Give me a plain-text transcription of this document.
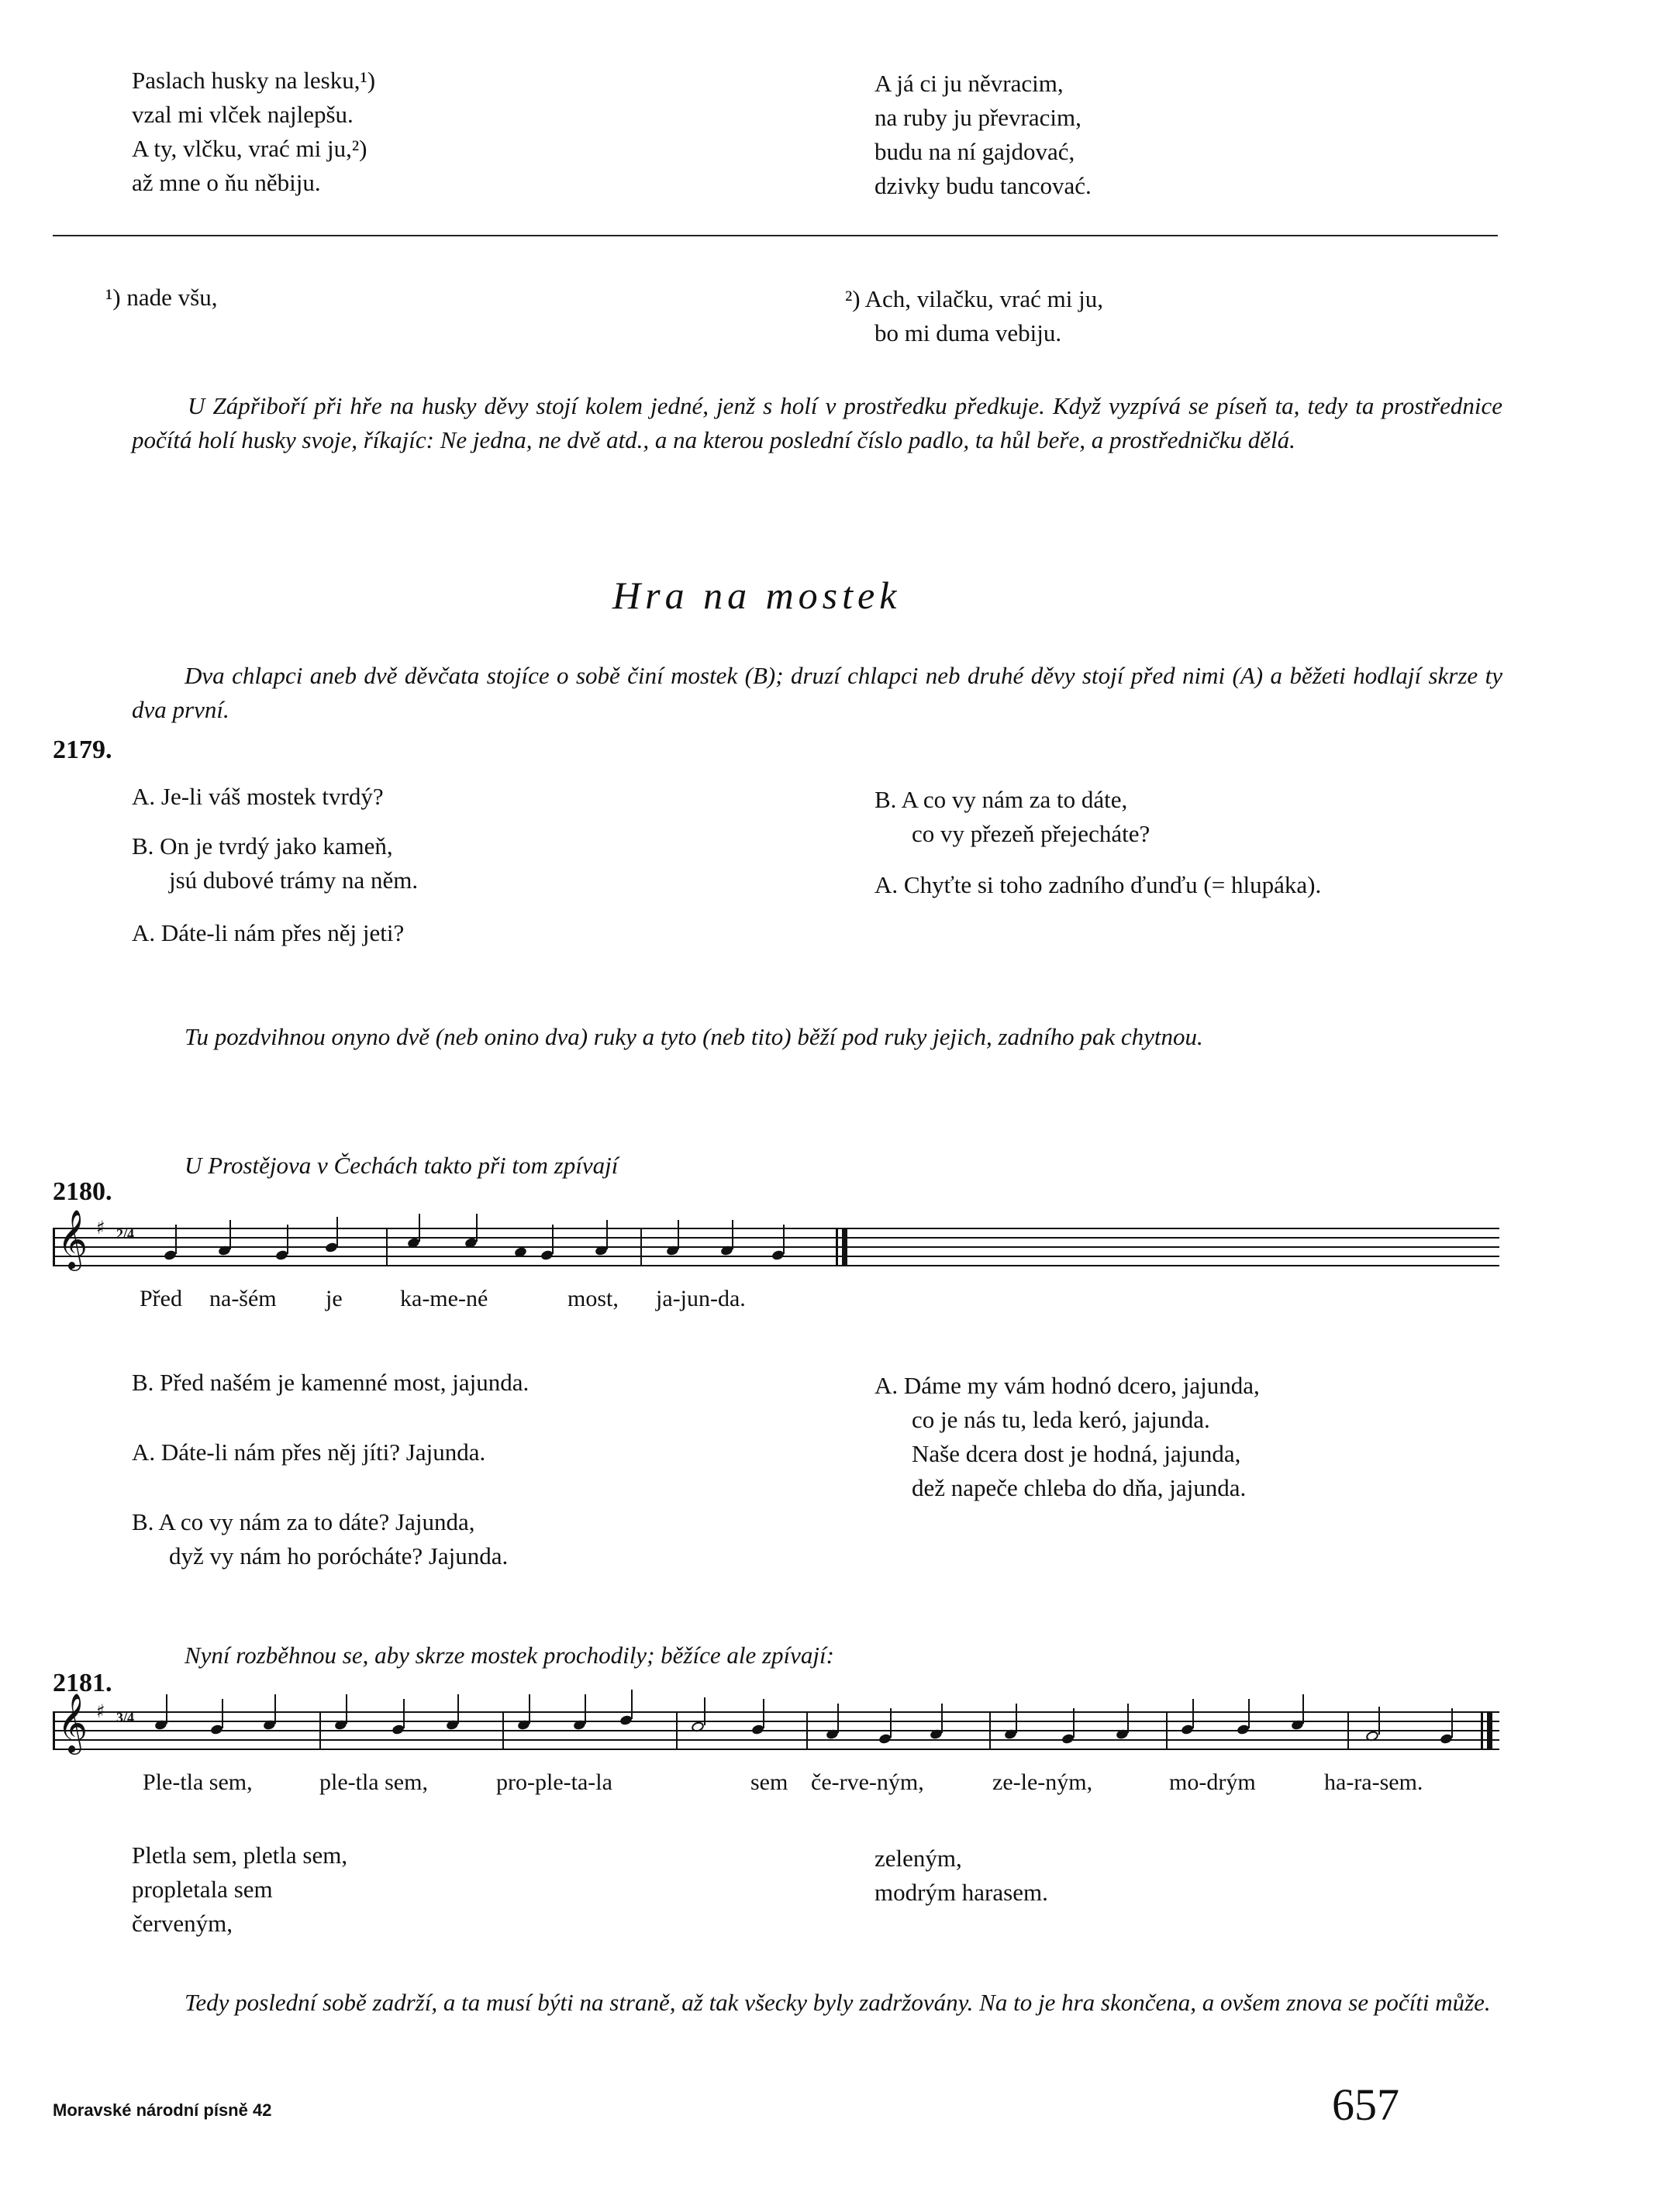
Paslach husky na lesku,¹)
vzal mi vlček najlepšu.
A ty, vlčku, vrać mi ju,²)
až mne o ňu něbiju.
A já ci ju něvracim,
na ruby ju převracim,
budu na ní gajdovać,
dzivky budu tancovać.
¹) nade všu,	²) Ach, vilačku, vrać mi ju,
bo mi duma vebiju.
U Zápřiboří při hře na husky děvy stojí kolem jedné, jenž s holí v prostředku předkuje. Když vyzpívá se píseň ta, tedy ta prostřednice počítá holí husky svoje, říkajíc: Ne jedna, ne dvě atd., a na kterou poslední číslo padlo, ta hůl beře, a prostředničku dělá.
Hra na mostek
Dva chlapci aneb dvě děvčata stojíce o sobě činí mostek (B); druzí chlapci neb druhé děvy stojí před nimi (A) a běžeti hodlají skrze ty dva první.
2179.
A. Je-li váš mostek tvrdý?
B. On je tvrdý jako kameň,
jsú dubové trámy na něm.
A. Dáte-li nám přes něj jeti?
B. A co vy nám za to dáte,
co vy přezeň přejecháte?
A. Chyťte si toho zadního ďunďu (= hlupáka).
Tu pozdvihnou onyno dvě (neb onino dva) ruky a tyto (neb tito) běží pod ruky jejich, zadního pak chytnou.
U Prostějova v Čechách takto při tom zpívají
2180.
𝄞 ♯ 2/4
Před na-šém je ka-me-né	most, ja-jun-da.
B. Před našém je kamenné most, jajunda.
A. Dáte-li nám přes něj jíti? Jajunda.
B. A co vy nám za to dáte? Jajunda,
dyž vy nám ho porócháte? Jajunda.
A. Dáme my vám hodnó dcero, jajunda,
co je nás tu, leda keró, jajunda.
Naše dcera dost je hodná, jajunda,
dež napeče chleba do dňa, jajunda.
Nyní rozběhnou se, aby skrze mostek prochodily; běžíce ale zpívají:
2181.
𝄞 ♯ 3/4
Ple-tla sem,	ple-tla sem,	pro-ple-ta-la	sem če-rve-ným,	ze-le-ným,	mo-drým	ha-ra-sem.
Pletla sem, pletla sem,
propletala sem
červeným,
zeleným,
modrým harasem.
Tedy poslední sobě zadrží, a ta musí býti na straně, až tak všecky byly zadržovány. Na to je hra skončena, a ovšem znova se počíti může.
Moravské národní písně 42	657
